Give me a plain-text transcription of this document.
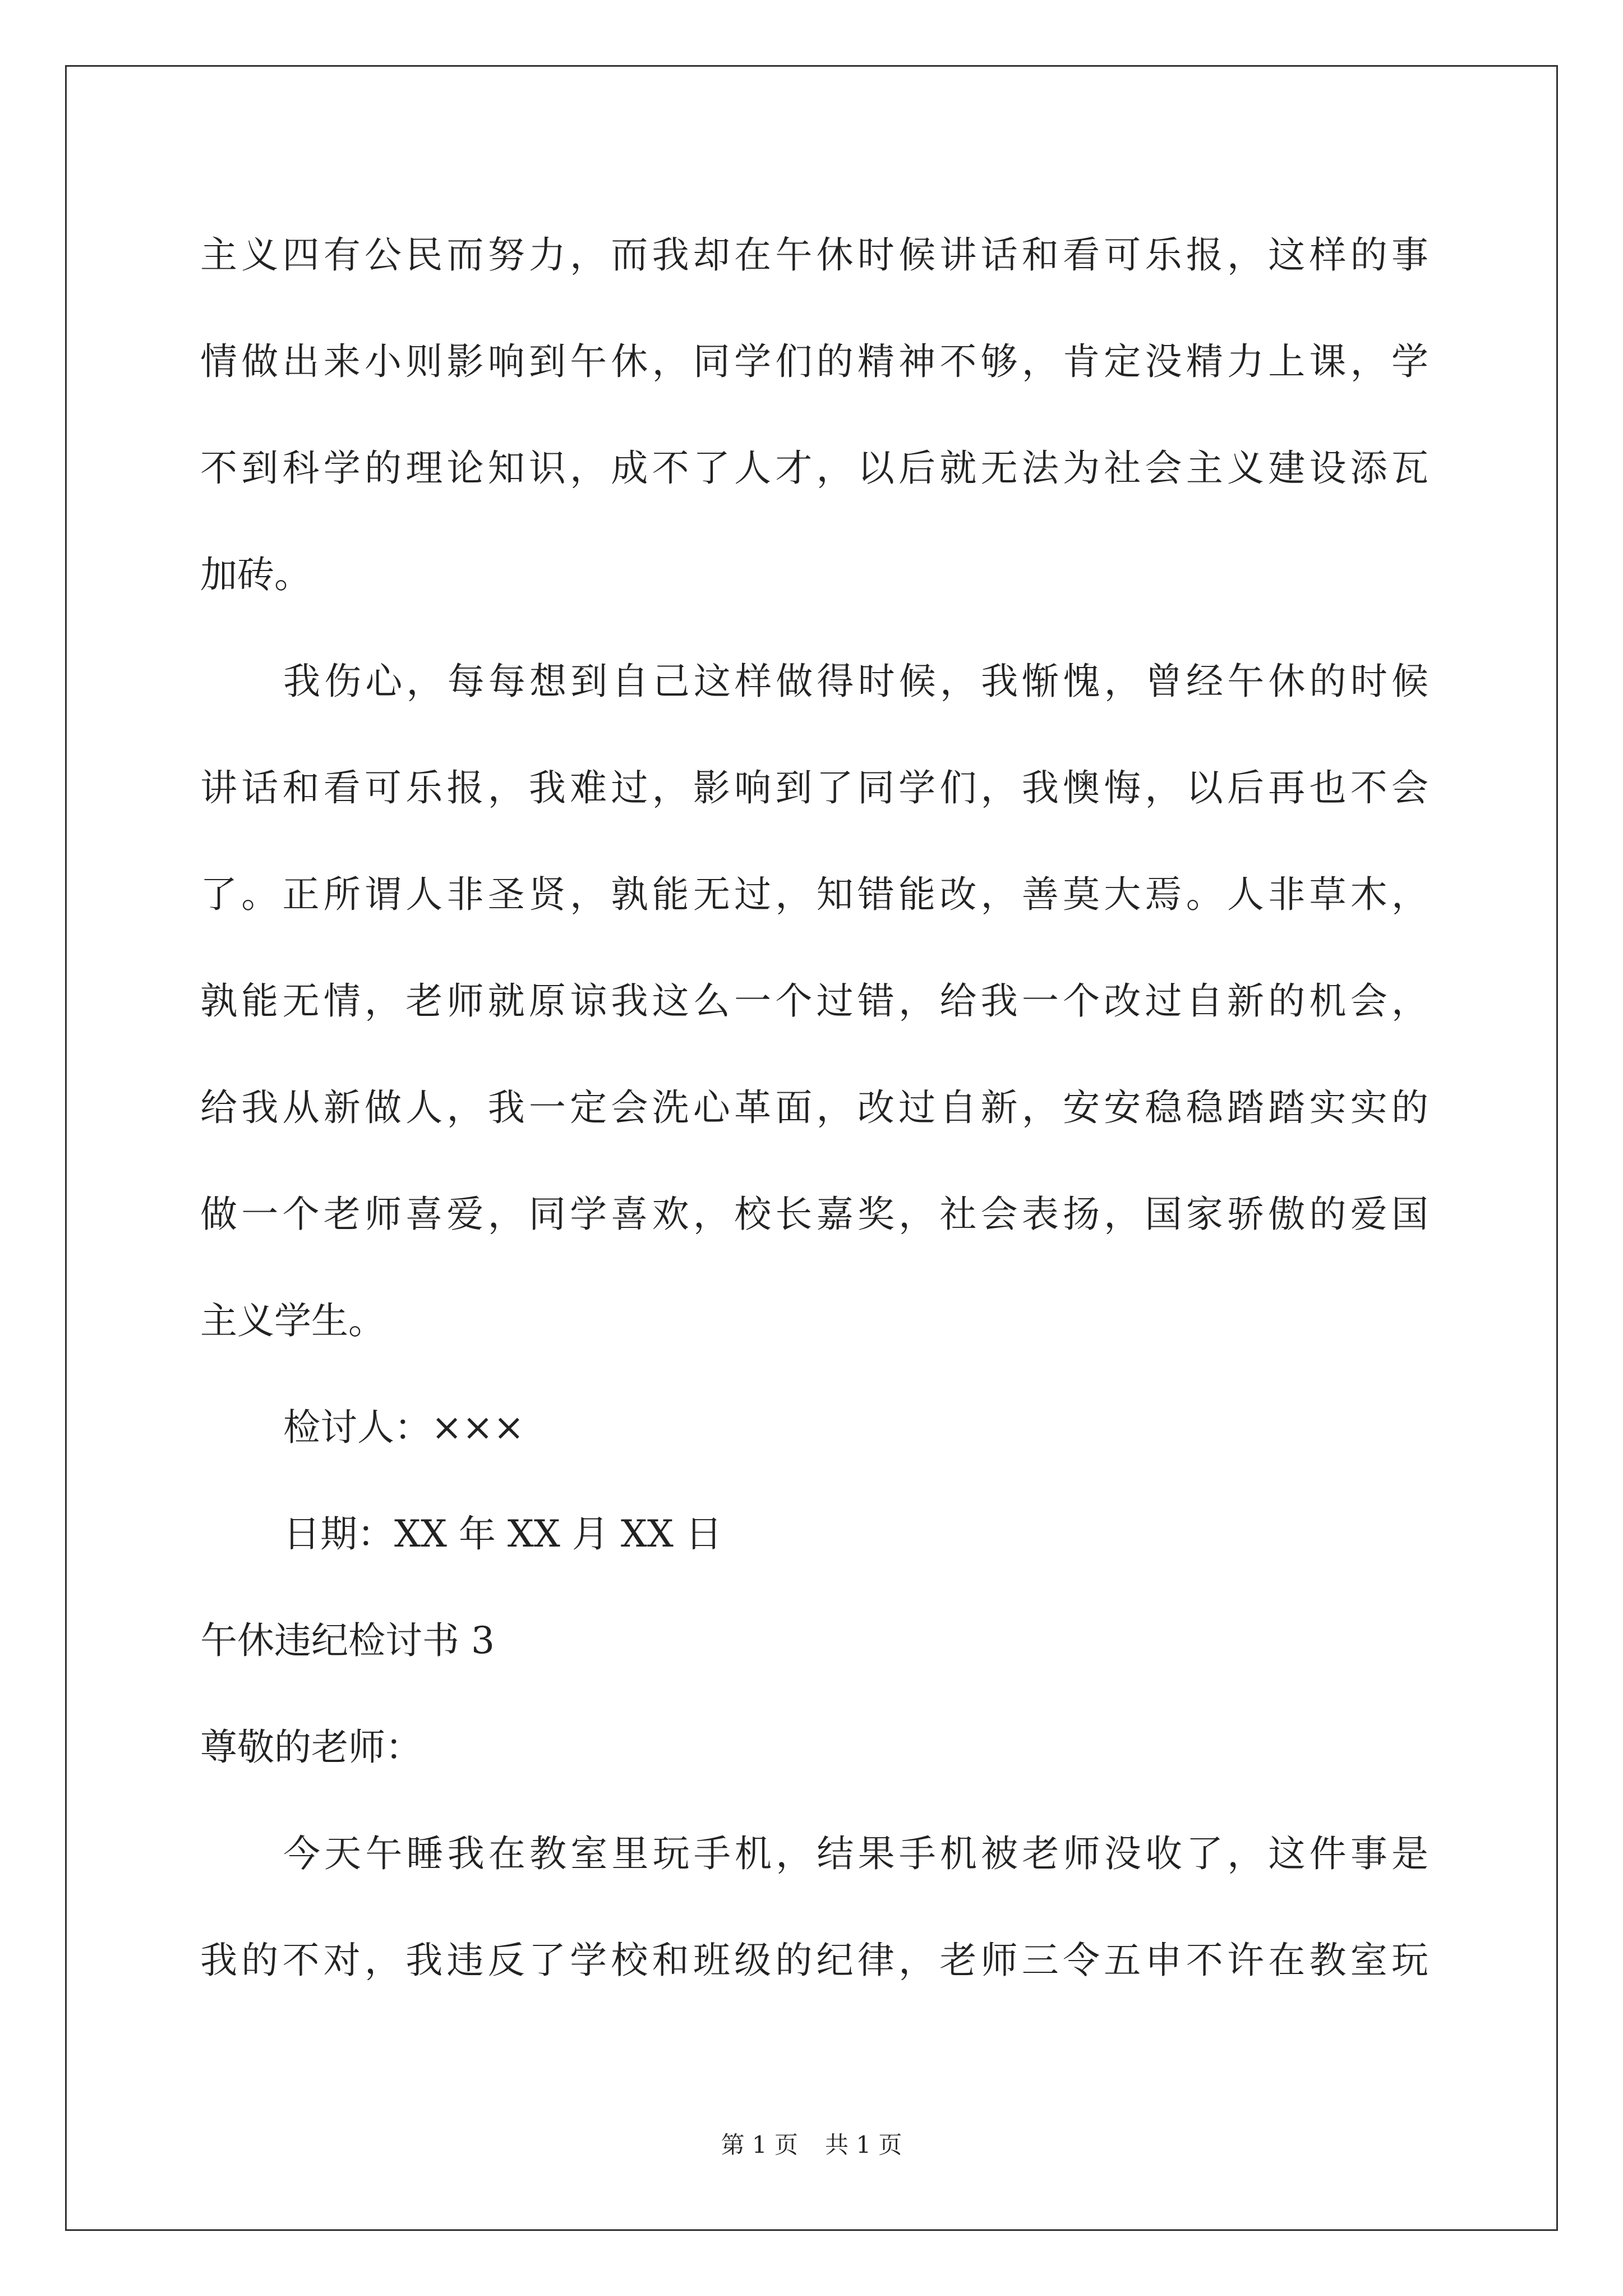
主义四有公民而努力，而我却在午休时候讲话和看可乐报，这样的事
情做出来小则影响到午休，同学们的精神不够，肯定没精力上课，学
不到科学的理论知识，成不了人才，以后就无法为社会主义建设添瓦
加砖。
我伤心，每每想到自己这样做得时候，我惭愧，曾经午休的时候
讲话和看可乐报，我难过，影响到了同学们，我懊悔，以后再也不会
了。正所谓人非圣贤，孰能无过，知错能改，善莫大焉。人非草木，
孰能无情，老师就原谅我这么一个过错，给我一个改过自新的机会，
给我从新做人，我一定会洗心革面，改过自新，安安稳稳踏踏实实的
做一个老师喜爱，同学喜欢，校长嘉奖，社会表扬，国家骄傲的爱国
主义学生。
检讨人：×××
日期：XX 年 XX 月 XX 日
午休违纪检讨书 3
尊敬的老师：
今天午睡我在教室里玩手机，结果手机被老师没收了，这件事是
我的不对，我违反了学校和班级的纪律，老师三令五申不许在教室玩
第 1 页 共 1 页
